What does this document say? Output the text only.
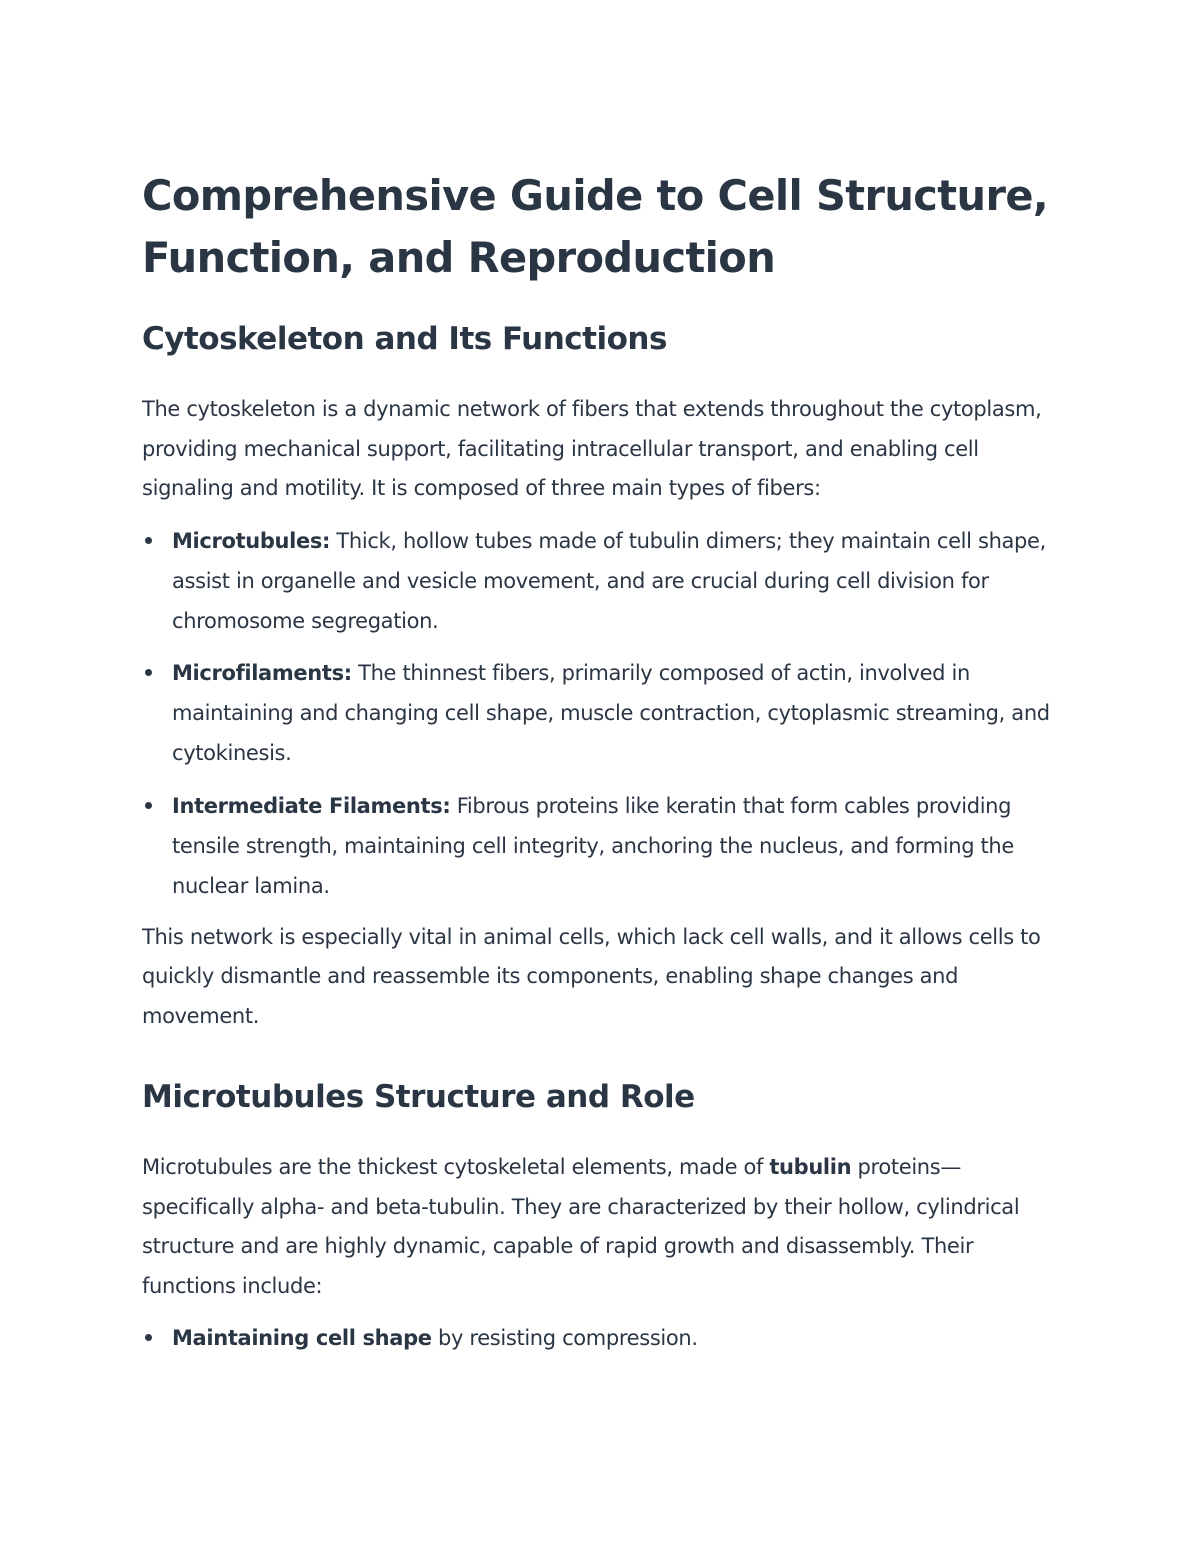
Comprehensive Guide to Cell Structure, Function, and Reproduction
Cytoskeleton and Its Functions

The cytoskeleton is a dynamic network of fibers that extends throughout the cytoplasm, providing mechanical support, facilitating intracellular transport, and enabling cell signaling and motility. It is composed of three main types of fibers:

Microtubules: Thick, hollow tubes made of tubulin dimers; they maintain cell shape, assist in organelle and vesicle movement, and are crucial during cell division for chromosome segregation.
Microfilaments: The thinnest fibers, primarily composed of actin, involved in maintaining and changing cell shape, muscle contraction, cytoplasmic streaming, and cytokinesis.
Intermediate Filaments: Fibrous proteins like keratin that form cables providing tensile strength, maintaining cell integrity, anchoring the nucleus, and forming the nuclear lamina.

This network is especially vital in animal cells, which lack cell walls, and it allows cells to quickly dismantle and reassemble its components, enabling shape changes and movement.

Microtubules Structure and Role

Microtubules are the thickest cytoskeletal elements, made of tubulin proteins—specifically alpha- and beta-tubulin. They are characterized by their hollow, cylindrical structure and are highly dynamic, capable of rapid growth and disassembly. Their functions include:

Maintaining cell shape by resisting compression.
